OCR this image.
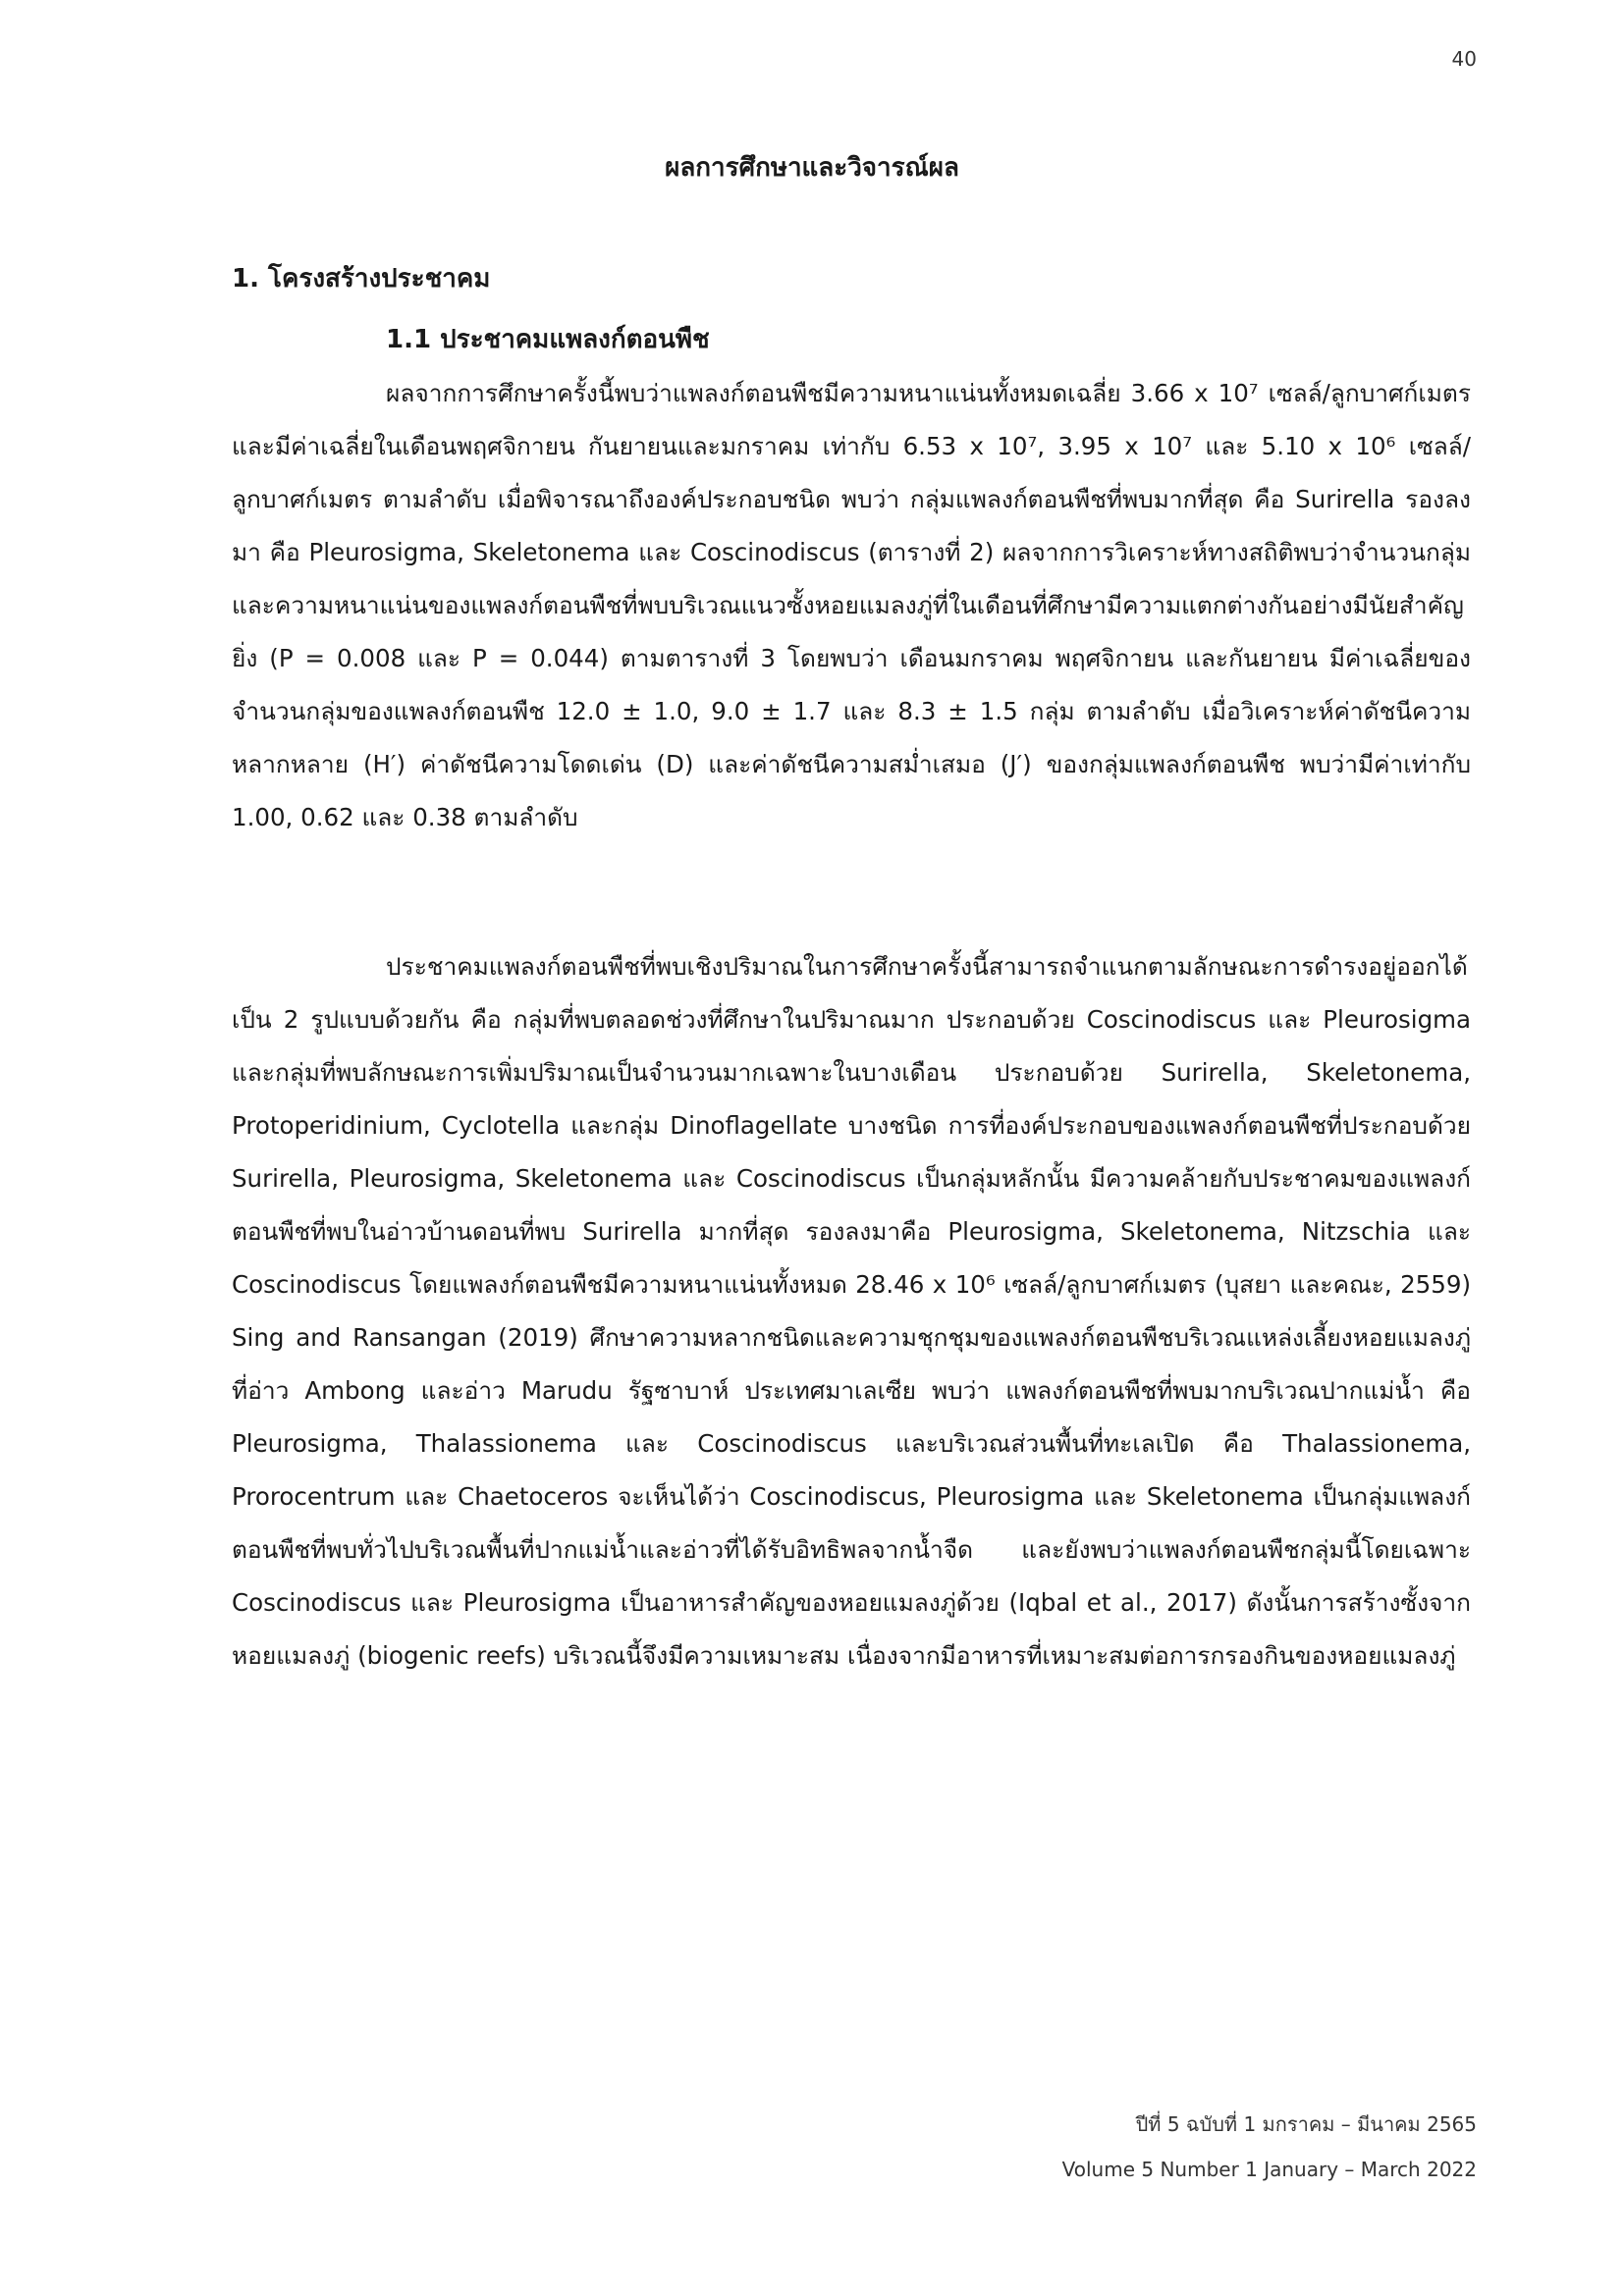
40
ผลการศึกษาและวิจารณ์ผล
1. โครงสร้างประชาคม
1.1 ประชาคมแพลงก์ตอนพืช

ผลจากการศึกษาครั้งนี้พบว่าแพลงก์ตอนพืชมีความหนาแน่นทั้งหมดเฉลี่ย 3.66 x 10⁷ เซลล์/ลูกบาศก์เมตร และมีค่าเฉลี่ยในเดือนพฤศจิกายน กันยายนและมกราคม เท่ากับ 6.53 x 10⁷, 3.95 x 10⁷ และ 5.10 x 10⁶ เซลล์/ลูกบาศก์เมตร ตามลำดับ เมื่อพิจารณาถึงองค์ประกอบชนิด พบว่า กลุ่มแพลงก์ตอนพืชที่พบมากที่สุด คือ Surirella รองลงมา คือ Pleurosigma, Skeletonema และ Coscinodiscus (ตารางที่ 2) ผลจากการวิเคราะห์ทางสถิติพบว่าจำนวนกลุ่มและความหนาแน่นของแพลงก์ตอนพืชที่พบบริเวณแนวซั้งหอยแมลงภู่ที่ในเดือนที่ศึกษามีความแตกต่างกันอย่างมีนัยสำคัญยิ่ง (P = 0.008 และ P = 0.044) ตามตารางที่ 3 โดยพบว่า เดือนมกราคม พฤศจิกายน และกันยายน มีค่าเฉลี่ยของจำนวนกลุ่มของแพลงก์ตอนพืช 12.0 ± 1.0, 9.0 ± 1.7 และ 8.3 ± 1.5 กลุ่ม ตามลำดับ เมื่อวิเคราะห์ค่าดัชนีความหลากหลาย (H′) ค่าดัชนีความโดดเด่น (D) และค่าดัชนีความสม่ำเสมอ (J′) ของกลุ่มแพลงก์ตอนพืช พบว่ามีค่าเท่ากับ 1.00, 0.62 และ 0.38 ตามลำดับ

ประชาคมแพลงก์ตอนพืชที่พบเชิงปริมาณในการศึกษาครั้งนี้สามารถจำแนกตามลักษณะการดำรงอยู่ออกได้เป็น 2 รูปแบบด้วยกัน คือ กลุ่มที่พบตลอดช่วงที่ศึกษาในปริมาณมาก ประกอบด้วย Coscinodiscus และ Pleurosigma และกลุ่มที่พบลักษณะการเพิ่มปริมาณเป็นจำนวนมากเฉพาะในบางเดือน ประกอบด้วย Surirella, Skeletonema, Protoperidinium, Cyclotella และกลุ่ม Dinoflagellate บางชนิด การที่องค์ประกอบของแพลงก์ตอนพืชที่ประกอบด้วย Surirella, Pleurosigma, Skeletonema และ Coscinodiscus เป็นกลุ่มหลักนั้น มีความคล้ายกับประชาคมของแพลงก์ตอนพืชที่พบในอ่าวบ้านดอนที่พบ Surirella มากที่สุด รองลงมาคือ Pleurosigma, Skeletonema, Nitzschia และ Coscinodiscus โดยแพลงก์ตอนพืชมีความหนาแน่นทั้งหมด 28.46 x 10⁶ เซลล์/ลูกบาศก์เมตร (บุสยา และคณะ, 2559) Sing and Ransangan (2019) ศึกษาความหลากชนิดและความชุกชุมของแพลงก์ตอนพืชบริเวณแหล่งเลี้ยงหอยแมลงภู่ที่อ่าว Ambong และอ่าว Marudu รัฐซาบาห์ ประเทศมาเลเซีย พบว่า แพลงก์ตอนพืชที่พบมากบริเวณปากแม่น้ำ คือ Pleurosigma, Thalassionema และ Coscinodiscus และบริเวณส่วนพื้นที่ทะเลเปิด คือ Thalassionema, Prorocentrum และ Chaetoceros จะเห็นได้ว่า Coscinodiscus, Pleurosigma และ Skeletonema เป็นกลุ่มแพลงก์ตอนพืชที่พบทั่วไปบริเวณพื้นที่ปากแม่น้ำและอ่าวที่ได้รับอิทธิพลจากน้ำจืด และยังพบว่าแพลงก์ตอนพืชกลุ่มนี้โดยเฉพาะ Coscinodiscus และ Pleurosigma เป็นอาหารสำคัญของหอยแมลงภู่ด้วย (Iqbal et al., 2017) ดังนั้นการสร้างซั้งจากหอยแมลงภู่ (biogenic reefs) บริเวณนี้จึงมีความเหมาะสม เนื่องจากมีอาหารที่เหมาะสมต่อการกรองกินของหอยแมลงภู่

ปีที่ 5 ฉบับที่ 1 มกราคม – มีนาคม 2565
Volume 5 Number 1 January – March 2022
